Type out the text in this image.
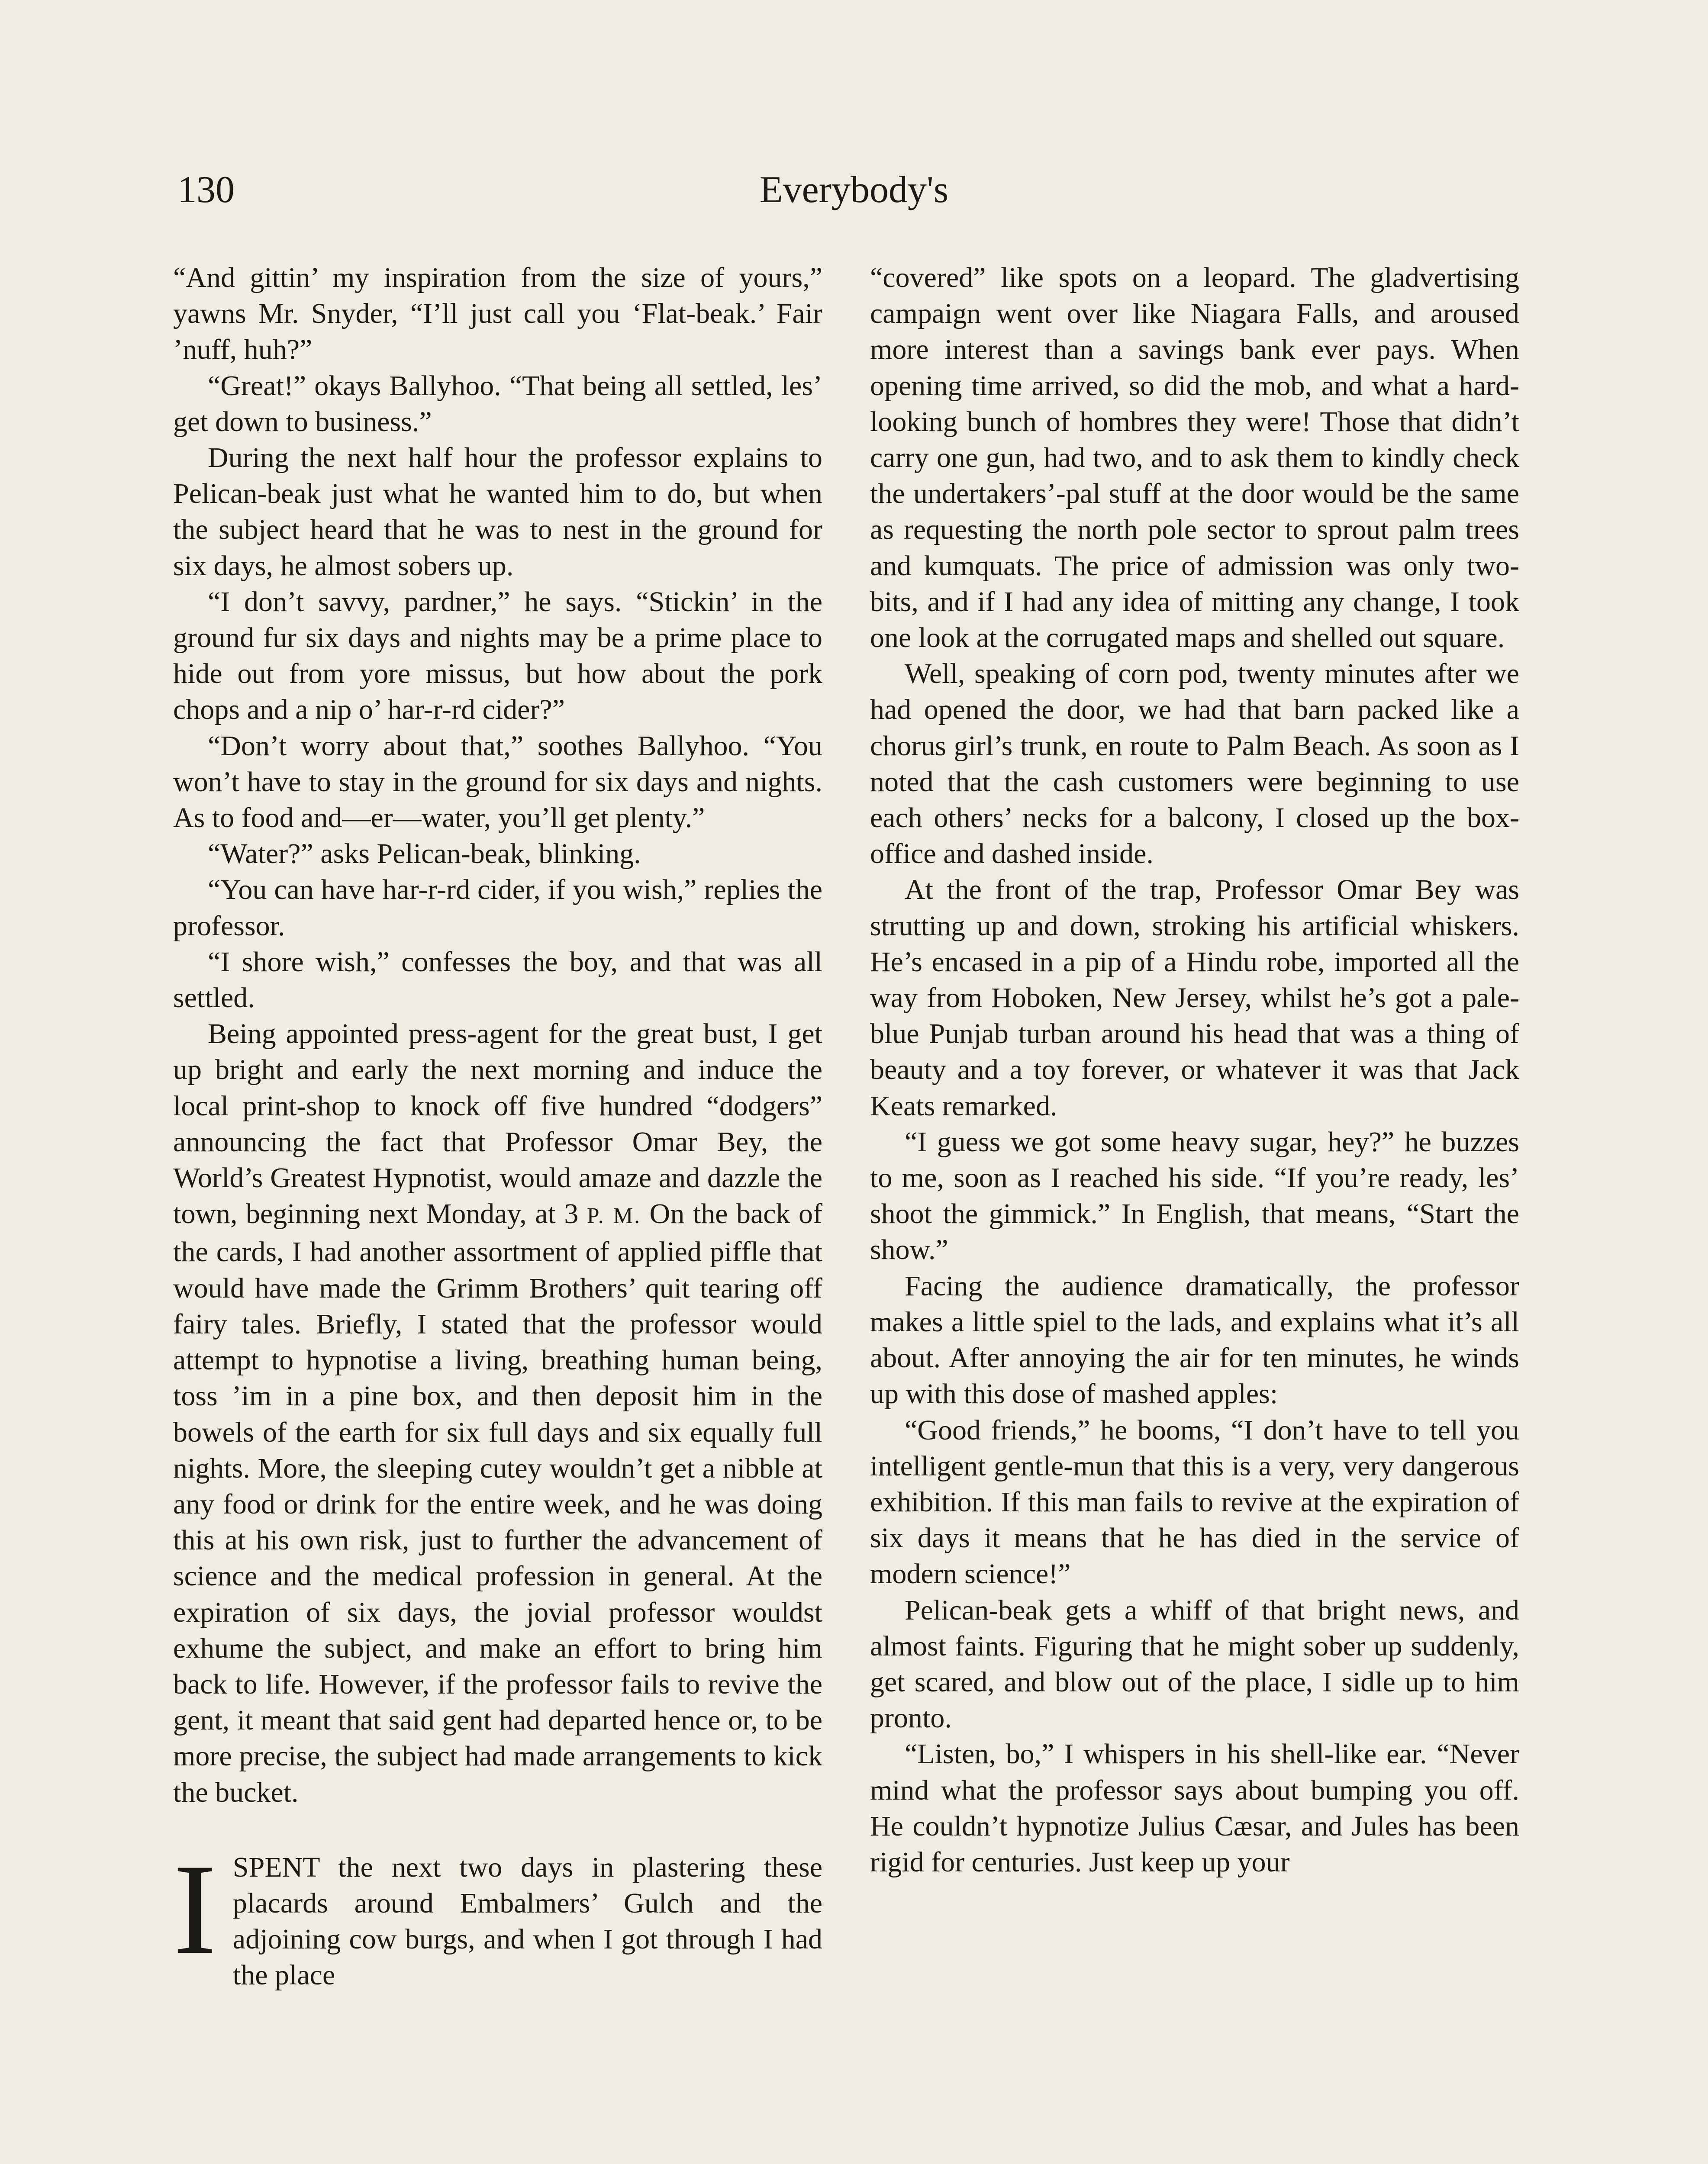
130	Everybody's

“And gittin’ my inspiration from the size of yours,” yawns Mr. Snyder, “I’ll just call you ‘Flat-beak.’ Fair ’nuff, huh?”

“Great!” okays Ballyhoo. “That being all settled, les’ get down to business.”

During the next half hour the professor explains to Pelican-beak just what he wanted him to do, but when the subject heard that he was to nest in the ground for six days, he almost sobers up.

“I don’t savvy, pardner,” he says. “Stickin’ in the ground fur six days and nights may be a prime place to hide out from yore missus, but how about the pork chops and a nip o’ har-r-rd cider?”

“Don’t worry about that,” soothes Ballyhoo. “You won’t have to stay in the ground for six days and nights. As to food and—er—water, you’ll get plenty.”

“Water?” asks Pelican-beak, blinking.

“You can have har-r-rd cider, if you wish,” replies the professor.

“I shore wish,” confesses the boy, and that was all settled.

Being appointed press-agent for the great bust, I get up bright and early the next morning and induce the local print-shop to knock off five hundred “dodgers” announcing the fact that Professor Omar Bey, the World’s Greatest Hypnotist, would amaze and dazzle the town, beginning next Monday, at 3 P. M. On the back of the cards, I had another assortment of applied piffle that would have made the Grimm Brothers’ quit tearing off fairy tales. Briefly, I stated that the professor would attempt to hypnotise a living, breathing human being, toss ’im in a pine box, and then deposit him in the bowels of the earth for six full days and six equally full nights. More, the sleeping cutey wouldn’t get a nibble at any food or drink for the entire week, and he was doing this at his own risk, just to further the advancement of science and the medical profession in general. At the expiration of six days, the jovial professor wouldst exhume the subject, and make an effort to bring him back to life. However, if the professor fails to revive the gent, it meant that said gent had departed hence or, to be more precise, the subject had made arrangements to kick the bucket.

ISPENT the next two days in plastering these placards around Embalmers’ Gulch and the adjoining cow burgs, and when I got through I had the place

“covered” like spots on a leopard. The gladvertising campaign went over like Niagara Falls, and aroused more interest than a savings bank ever pays. When opening time arrived, so did the mob, and what a hard-looking bunch of hombres they were! Those that didn’t carry one gun, had two, and to ask them to kindly check the undertakers’-pal stuff at the door would be the same as requesting the north pole sector to sprout palm trees and kumquats. The price of admission was only two-bits, and if I had any idea of mitting any change, I took one look at the corrugated maps and shelled out square.

Well, speaking of corn pod, twenty minutes after we had opened the door, we had that barn packed like a chorus girl’s trunk, en route to Palm Beach. As soon as I noted that the cash customers were beginning to use each others’ necks for a balcony, I closed up the box-office and dashed inside.

At the front of the trap, Professor Omar Bey was strutting up and down, stroking his artificial whiskers. He’s encased in a pip of a Hindu robe, imported all the way from Hoboken, New Jersey, whilst he’s got a pale-blue Punjab turban around his head that was a thing of beauty and a toy forever, or whatever it was that Jack Keats remarked.

“I guess we got some heavy sugar, hey?” he buzzes to me, soon as I reached his side. “If you’re ready, les’ shoot the gimmick.” In English, that means, “Start the show.”

Facing the audience dramatically, the professor makes a little spiel to the lads, and explains what it’s all about. After annoying the air for ten minutes, he winds up with this dose of mashed apples:

“Good friends,” he booms, “I don’t have to tell you intelligent gentle-mun that this is a very, very dangerous exhibition. If this man fails to revive at the expiration of six days it means that he has died in the service of modern science!”

Pelican-beak gets a whiff of that bright news, and almost faints. Figuring that he might sober up suddenly, get scared, and blow out of the place, I sidle up to him pronto.

“Listen, bo,” I whispers in his shell-like ear. “Never mind what the professor says about bumping you off. He couldn’t hypnotize Julius Cæsar, and Jules has been rigid for centuries. Just keep up your
